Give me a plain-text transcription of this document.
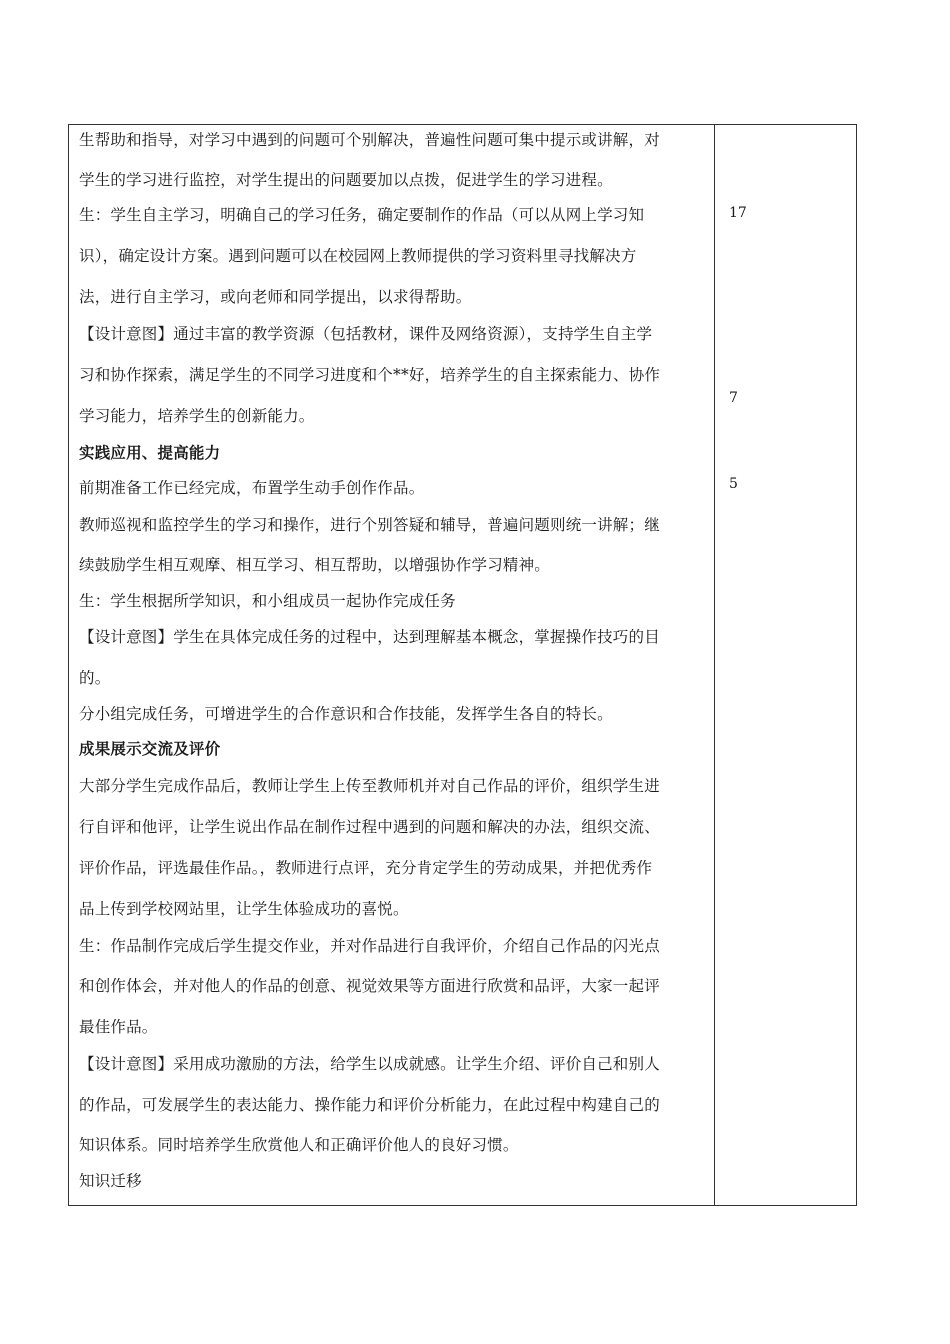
生帮助和指导，对学习中遇到的问题可个别解决，普遍性问题可集中提示或讲解，对
学生的学习进行监控，对学生提出的问题要加以点拨，促进学生的学习进程。
生：学生自主学习，明确自己的学习任务，确定要制作的作品（可以从网上学习知
识），确定设计方案。遇到问题可以在校园网上教师提供的学习资料里寻找解决方
法，进行自主学习，或向老师和同学提出，以求得帮助。
【设计意图】通过丰富的教学资源（包括教材，课件及网络资源），支持学生自主学
习和协作探索，满足学生的不同学习进度和个**好，培养学生的自主探索能力、协作
学习能力，培养学生的创新能力。
实践应用、提高能力
前期准备工作已经完成，布置学生动手创作作品。
教师巡视和监控学生的学习和操作，进行个别答疑和辅导，普遍问题则统一讲解；继
续鼓励学生相互观摩、相互学习、相互帮助，以增强协作学习精神。
生：学生根据所学知识，和小组成员一起协作完成任务
【设计意图】学生在具体完成任务的过程中，达到理解基本概念，掌握操作技巧的目
的。
分小组完成任务，可增进学生的合作意识和合作技能，发挥学生各自的特长。
成果展示交流及评价
大部分学生完成作品后，教师让学生上传至教师机并对自己作品的评价，组织学生进
行自评和他评，让学生说出作品在制作过程中遇到的问题和解决的办法，组织交流、
评价作品，评选最佳作品。，教师进行点评，充分肯定学生的劳动成果，并把优秀作
品上传到学校网站里，让学生体验成功的喜悦。
生：作品制作完成后学生提交作业，并对作品进行自我评价，介绍自己作品的闪光点
和创作体会，并对他人的作品的创意、视觉效果等方面进行欣赏和品评，大家一起评
最佳作品。
【设计意图】采用成功激励的方法，给学生以成就感。让学生介绍、评价自己和别人
的作品，可发展学生的表达能力、操作能力和评价分析能力，在此过程中构建自己的
知识体系。同时培养学生欣赏他人和正确评价他人的良好习惯。
知识迁移
17
7
5
